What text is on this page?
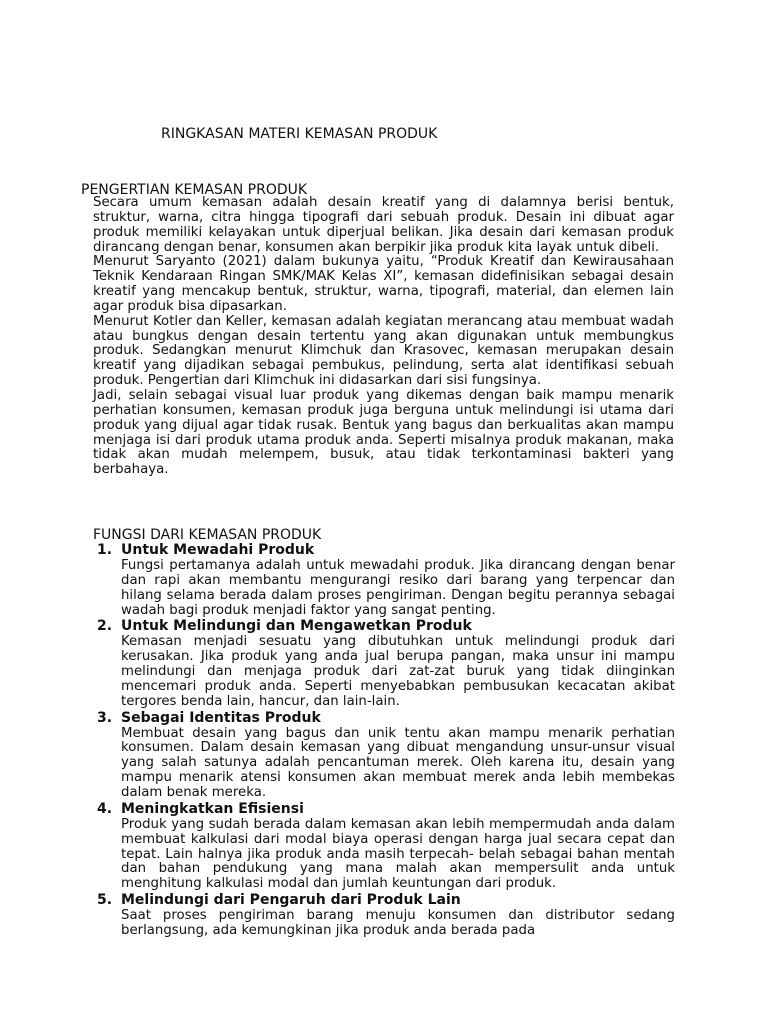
RINGKASAN MATERI KEMASAN PRODUK
PENGERTIAN KEMASAN PRODUK

Secara umum kemasan adalah desain kreatif yang di dalamnya berisi bentuk, struktur, warna, citra hingga tipografi dari sebuah produk. Desain ini dibuat agar produk memiliki kelayakan untuk diperjual belikan. Jika desain dari kemasan produk dirancang dengan benar, konsumen akan berpikir jika produk kita layak untuk dibeli.

Menurut Saryanto (2021) dalam bukunya yaitu, “Produk Kreatif dan Kewirausahaan Teknik Kendaraan Ringan SMK/MAK Kelas XI”, kemasan didefinisikan sebagai desain kreatif yang mencakup bentuk, struktur, warna, tipografi, material, dan elemen lain agar produk bisa dipasarkan.

Menurut Kotler dan Keller, kemasan adalah kegiatan merancang atau membuat wadah atau bungkus dengan desain tertentu yang akan digunakan untuk membungkus produk. Sedangkan menurut Klimchuk dan Krasovec, kemasan merupakan desain kreatif yang dijadikan sebagai pembukus, pelindung, serta alat identifikasi sebuah produk. Pengertian dari Klimchuk ini didasarkan dari sisi fungsinya.

Jadi, selain sebagai visual luar produk yang dikemas dengan baik mampu menarik perhatian konsumen, kemasan produk juga berguna untuk melindungi isi utama dari produk yang dijual agar tidak rusak. Bentuk yang bagus dan berkualitas akan mampu menjaga isi dari produk utama produk anda. Seperti misalnya produk makanan, maka tidak akan mudah melempem, busuk, atau tidak terkontaminasi bakteri yang berbahaya.

FUNGSI DARI KEMASAN PRODUK
1. Untuk Mewadahi Produk

Fungsi pertamanya adalah untuk mewadahi produk. Jika dirancang dengan benar dan rapi akan membantu mengurangi resiko dari barang yang terpencar dan hilang selama berada dalam proses pengiriman. Dengan begitu perannya sebagai wadah bagi produk menjadi faktor yang sangat penting.

2. Untuk Melindungi dan Mengawetkan Produk

Kemasan menjadi sesuatu yang dibutuhkan untuk melindungi produk dari kerusakan. Jika produk yang anda jual berupa pangan, maka unsur ini mampu melindungi dan menjaga produk dari zat-zat buruk yang tidak diinginkan mencemari produk anda. Seperti menyebabkan pembusukan kecacatan akibat tergores benda lain, hancur, dan lain-lain.

3. Sebagai Identitas Produk

Membuat desain yang bagus dan unik tentu akan mampu menarik perhatian konsumen. Dalam desain kemasan yang dibuat mengandung unsur-unsur visual yang salah satunya adalah pencantuman merek. Oleh karena itu, desain yang mampu menarik atensi konsumen akan membuat merek anda lebih membekas dalam benak mereka.

4. Meningkatkan Efisiensi

Produk yang sudah berada dalam kemasan akan lebih mempermudah anda dalam membuat kalkulasi dari modal biaya operasi dengan harga jual secara cepat dan tepat. Lain halnya jika produk anda masih terpecah- belah sebagai bahan mentah dan bahan pendukung yang mana malah akan mempersulit anda untuk menghitung kalkulasi modal dan jumlah keuntungan dari produk.

5. Melindungi dari Pengaruh dari Produk Lain

Saat proses pengiriman barang menuju konsumen dan distributor sedang berlangsung, ada kemungkinan jika produk anda berada pada
